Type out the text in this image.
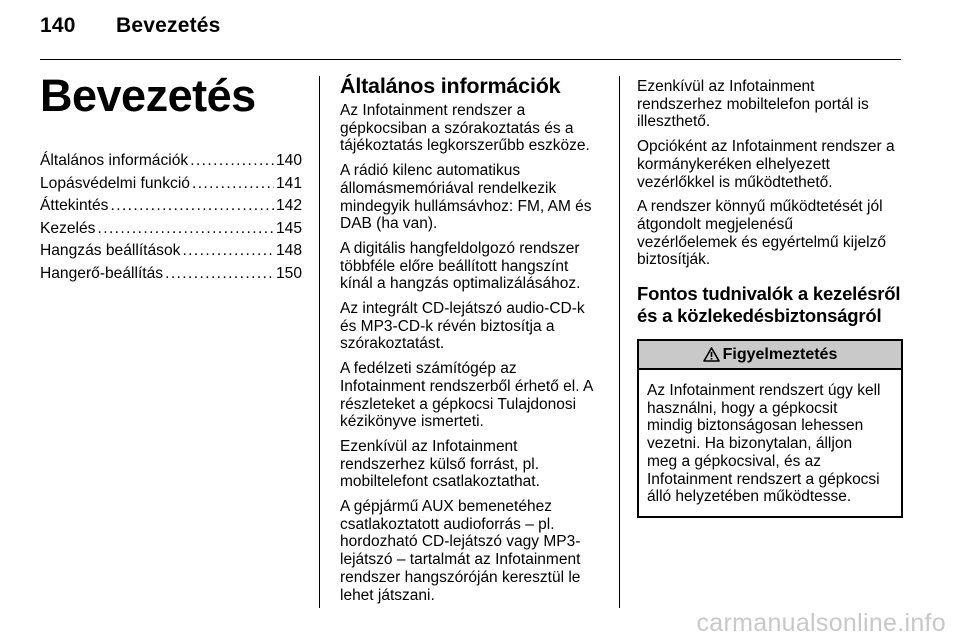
140 Bevezetés
Bevezetés
Általános információk .....	140
Lopásvédelmi funkció .....	141
Áttekintés .....	142
Kezelés .....	145
Hangzás beállítások .....	148
Hangerő-beállítás .....	150
Általános információk

Az Infotainment rendszer a
gépkocsiban a szórakoztatás és a
tájékoztatás legkorszerűbb eszköze.

A rádió kilenc automatikus
állomásmemóriával rendelkezik
mindegyik hullámsávhoz: FM, AM és
DAB (ha van).

A digitális hangfeldolgozó rendszer
többféle előre beállított hangszínt
kínál a hangzás optimalizálásához.

Az integrált CD-lejátszó audio-CD-k
és MP3-CD-k révén biztosítja a
szórakoztatást.

A fedélzeti számítógép az
Infotainment rendszerből érhető el. A
részleteket a gépkocsi Tulajdonosi
kézikönyve ismerteti.

Ezenkívül az Infotainment
rendszerhez külső forrást, pl.
mobiltelefont csatlakoztathat.

A gépjármű AUX bemenetéhez
csatlakoztatott audioforrás – pl.
hordozható CD-lejátszó vagy MP3-
lejátszó – tartalmát az Infotainment
rendszer hangszóróján keresztül le
lehet játszani.

Ezenkívül az Infotainment
rendszerhez mobiltelefon portál is
illeszthető.

Opcióként az Infotainment rendszer a
kormánykeréken elhelyezett
vezérlőkkel is működtethető.

A rendszer könnyű működtetését jól
átgondolt megjelenésű
vezérlőelemek és egyértelmű kijelző
biztosítják.

Fontos tudnivalók a kezelésről
és a közlekedésbiztonságról
Figyelmeztetés
Az Infotainment rendszert úgy kell
használni, hogy a gépkocsit
mindig biztonságosan lehessen
vezetni. Ha bizonytalan, álljon
meg a gépkocsival, és az
Infotainment rendszert a gépkocsi
álló helyzetében működtesse.
carmanualsonline.info
